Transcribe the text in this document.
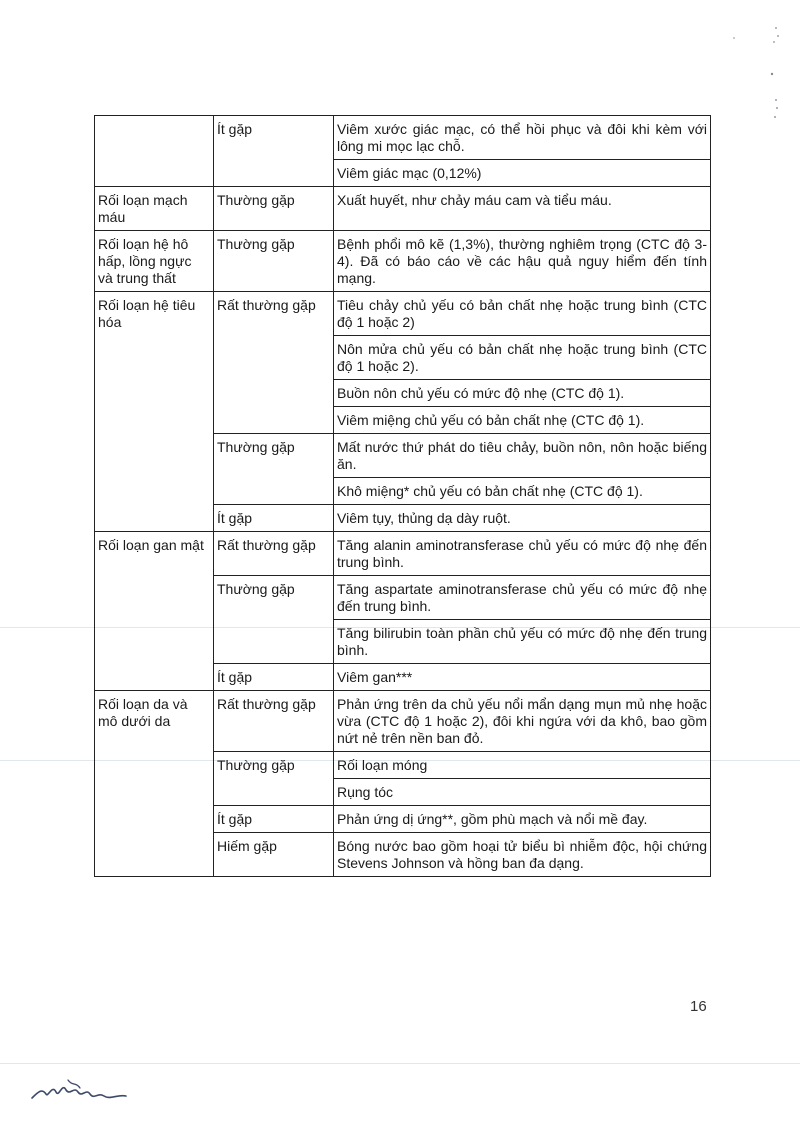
	Ít gặp	Viêm xước giác mạc, có thể hồi phục và đôi khi kèm với lông mi mọc lạc chỗ.
		Viêm giác mạc (0,12%)
Rối loạn mạch máu	Thường gặp	Xuất huyết, như chảy máu cam và tiểu máu.
Rối loạn hệ hô hấp, lồng ngực và trung thất	Thường gặp	Bệnh phổi mô kẽ (1,3%), thường nghiêm trọng (CTC độ 3-4). Đã có báo cáo về các hậu quả nguy hiểm đến tính mạng.
Rối loạn hệ tiêu hóa	Rất thường gặp	Tiêu chảy chủ yếu có bản chất nhẹ hoặc trung bình (CTC độ 1 hoặc 2)
		Nôn mửa chủ yếu có bản chất nhẹ hoặc trung bình (CTC độ 1 hoặc 2).
		Buồn nôn chủ yếu có mức độ nhẹ (CTC độ 1).
		Viêm miệng chủ yếu có bản chất nhẹ (CTC độ 1).
	Thường gặp	Mất nước thứ phát do tiêu chảy, buồn nôn, nôn hoặc biếng ăn.
		Khô miệng* chủ yếu có bản chất nhẹ (CTC độ 1).
	Ít gặp	Viêm tụy, thủng dạ dày ruột.
Rối loạn gan mật	Rất thường gặp	Tăng alanin aminotransferase chủ yếu có mức độ nhẹ đến trung bình.
	Thường gặp	Tăng aspartate aminotransferase chủ yếu có mức độ nhẹ đến trung bình.
		Tăng bilirubin toàn phần chủ yếu có mức độ nhẹ đến trung bình.
	Ít gặp	Viêm gan***
Rối loạn da và mô dưới da	Rất thường gặp	Phản ứng trên da chủ yếu nổi mẩn dạng mụn mủ nhẹ hoặc vừa (CTC độ 1 hoặc 2), đôi khi ngứa với da khô, bao gồm nứt nẻ trên nền ban đỏ.
	Thường gặp	Rối loạn móng
		Rụng tóc
	Ít gặp	Phản ứng dị ứng**, gồm phù mạch và nổi mề đay.
	Hiếm gặp	Bóng nước bao gồm hoại tử biểu bì nhiễm độc, hội chứng Stevens Johnson và hồng ban đa dạng.
16
